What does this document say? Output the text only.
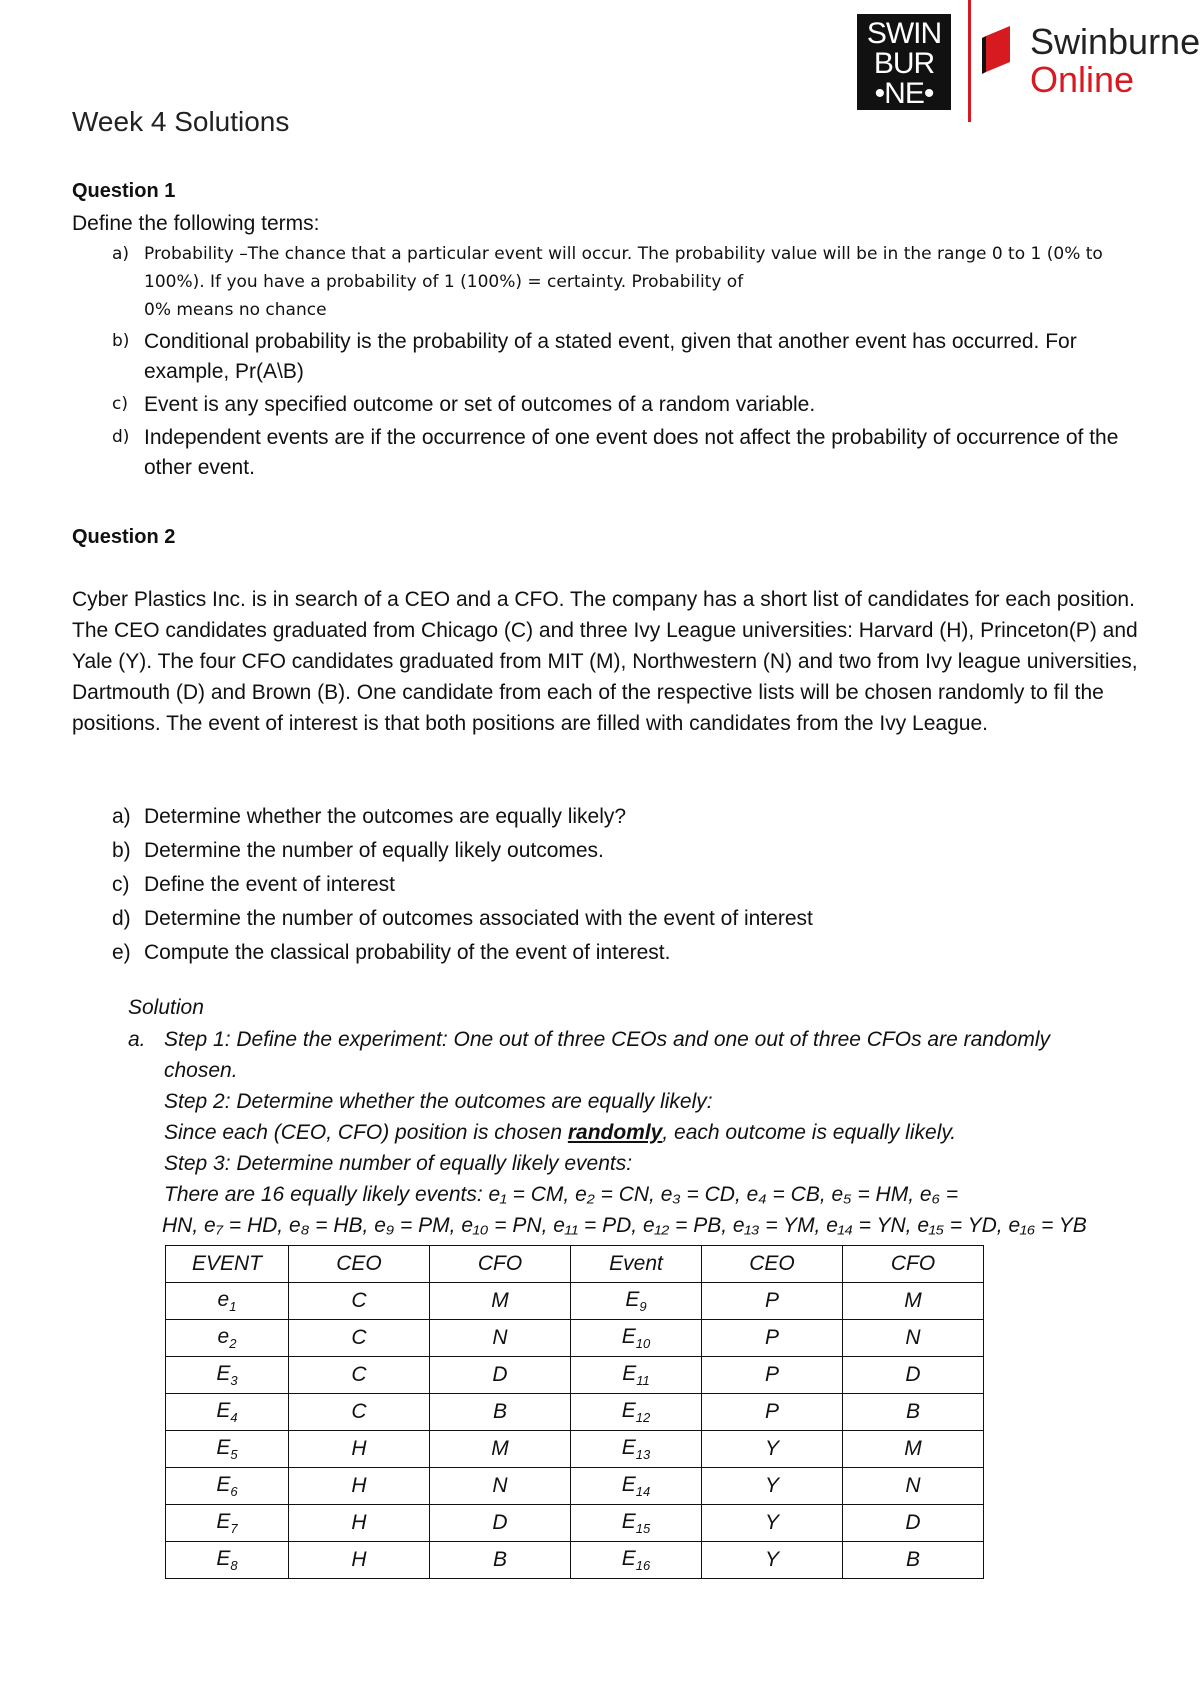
SWIN
BUR
•NE•
Swinburne
Online
Week 4 Solutions
Question 1
Define the following terms:
a) Probability –The chance that a particular event will occur. The probability value will be in the range 0 to 1 (0% to 100%). If you have a probability of 1 (100%) = certainty. Probability of
0% means no chance
b) Conditional probability is the probability of a stated event, given that another event has occurred. For example, Pr(A\B)
c) Event is any specified outcome or set of outcomes of a random variable.
d) Independent events are if the occurrence of one event does not affect the probability of occurrence of the other event.
Question 2
Cyber Plastics Inc. is in search of a CEO and a CFO. The company has a short list of candidates for each position. The CEO candidates graduated from Chicago (C) and three Ivy League universities: Harvard (H), Princeton(P) and Yale (Y). The four CFO candidates graduated from MIT (M), Northwestern (N) and two from Ivy league universities, Dartmouth (D) and Brown (B). One candidate from each of the respective lists will be chosen randomly to fil the positions. The event of interest is that both positions are filled with candidates from the Ivy League.
a) Determine whether the outcomes are equally likely?
b) Determine the number of equally likely outcomes.
c) Define the event of interest
d) Determine the number of outcomes associated with the event of interest
e) Compute the classical probability of the event of interest.
Solution
a. Step 1: Define the experiment: One out of three CEOs and one out of three CFOs are randomly chosen.
Step 2: Determine whether the outcomes are equally likely:
Since each (CEO, CFO) position is chosen randomly, each outcome is equally likely.
Step 3: Determine number of equally likely events:
There are 16 equally likely events: e₁ = CM, e₂ = CN, e₃ = CD, e₄ = CB, e₅ = HM, e₆ =
HN, e₇ = HD, e₈ = HB, e₉ = PM, e₁₀ = PN, e₁₁ = PD, e₁₂ = PB, e₁₃ = YM, e₁₄ = YN, e₁₅ = YD, e₁₆ = YB
EVENT	CEO	CFO	Event	CEO	CFO
$e_1$	C	M	$E_9$	P	M
$e_2$	C	N	$E_{10}$	P	N
$E_3$	C	D	$E_{11}$	P	D
$E_4$	C	B	$E_{12}$	P	B
$E_5$	H	M	$E_{13}$	Y	M
$E_6$	H	N	$E_{14}$	Y	N
$E_7$	H	D	$E_{15}$	Y	D
$E_8$	H	B	$E_{16}$	Y	B
